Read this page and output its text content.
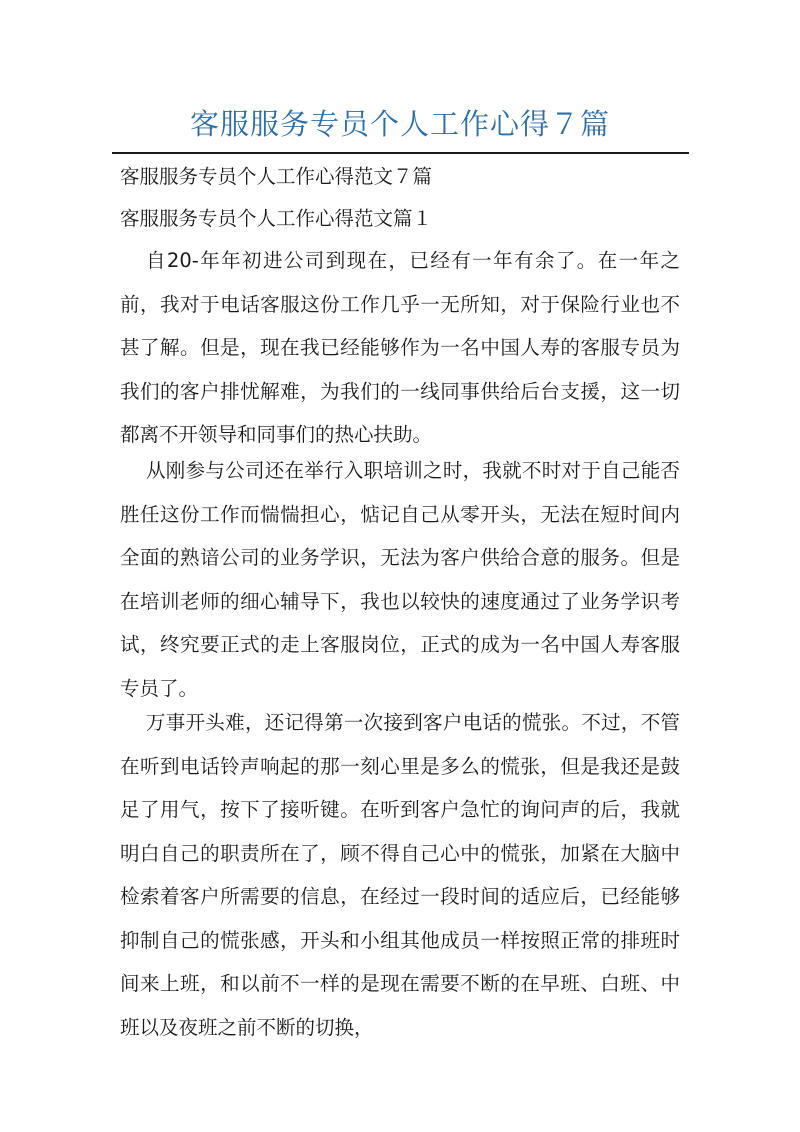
客服服务专员个人工作心得７篇
客服服务专员个人工作心得范文７篇
客服服务专员个人工作心得范文篇１

自20-年年初进公司到现在，已经有一年有余了。在一年之前，我对于电话客服这份工作几乎一无所知，对于保险行业也不甚了解。但是，现在我已经能够作为一名中国人寿的客服专员为我们的客户排忧解难，为我们的一线同事供给后台支援，这一切都离不开领导和同事们的热心扶助。

从刚参与公司还在举行入职培训之时，我就不时对于自己能否胜任这份工作而惴惴担心，惦记自己从零开头，无法在短时间内全面的熟谙公司的业务学识，无法为客户供给合意的服务。但是在培训老师的细心辅导下，我也以较快的速度通过了业务学识考试，终究要正式的走上客服岗位，正式的成为一名中国人寿客服专员了。

万事开头难，还记得第一次接到客户电话的慌张。不过，不管在听到电话铃声响起的那一刻心里是多么的慌张，但是我还是鼓足了用气，按下了接听键。在听到客户急忙的询问声的后，我就明白自己的职责所在了，顾不得自己心中的慌张，加紧在大脑中检索着客户所需要的信息，在经过一段时间的适应后，已经能够抑制自己的慌张感，开头和小组其他成员一样按照正常的排班时间来上班，和以前不一样的是现在需要不断的在早班、白班、中班以及夜班之前不断的切换，
